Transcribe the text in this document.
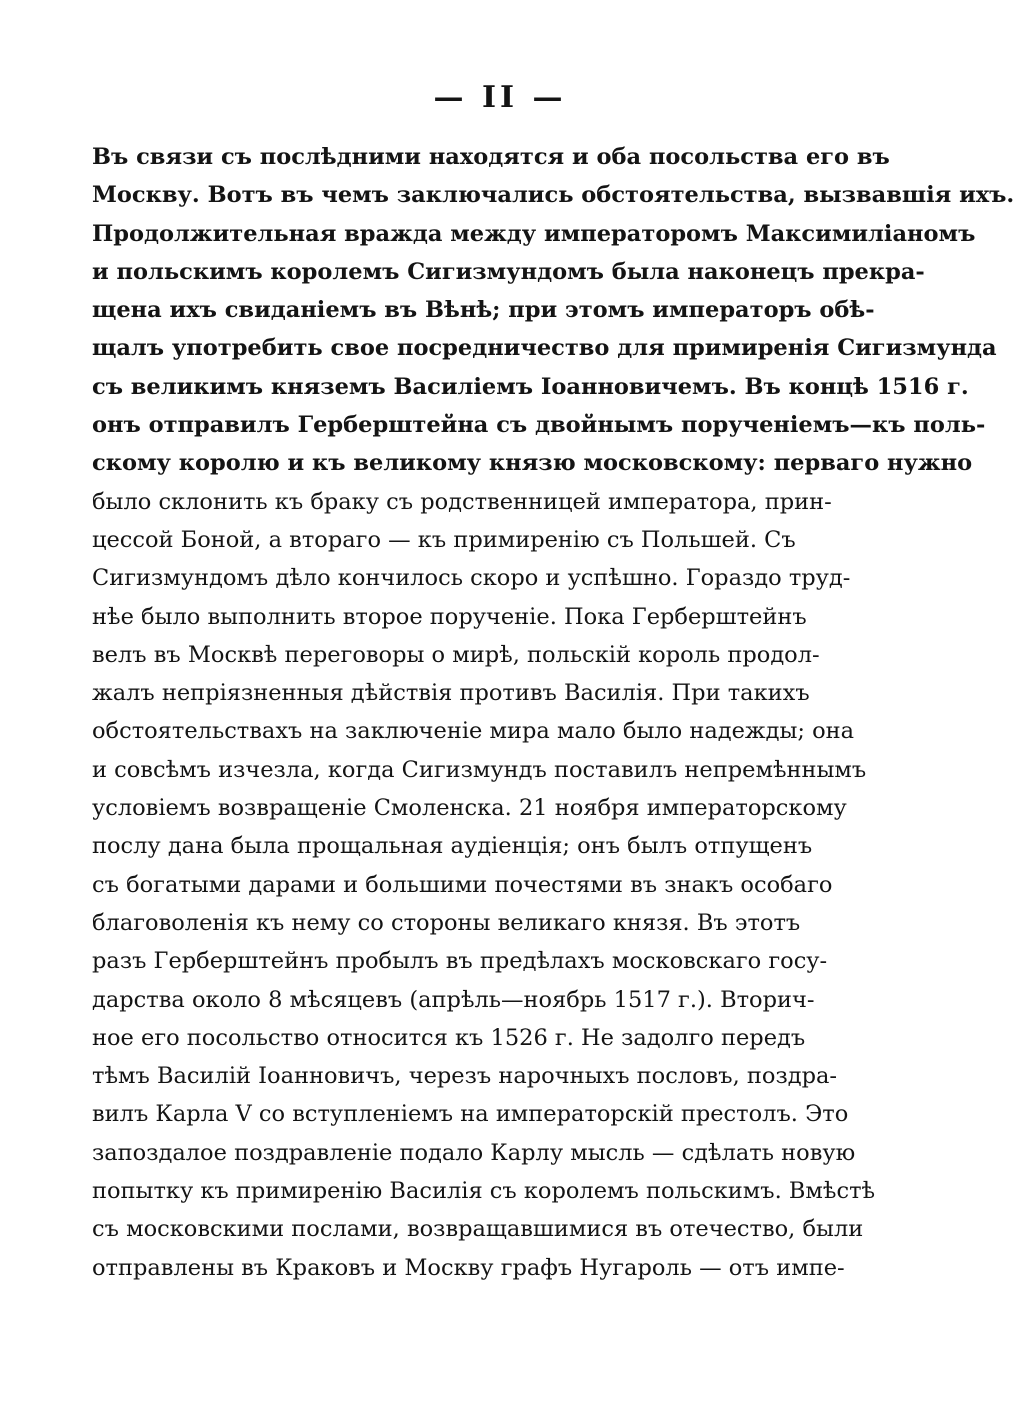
— II —
Въ связи съ послѣдними находятся и оба посольства его въ
Москву. Вотъ въ чемъ заключались обстоятельства, вызвавшія ихъ.
Продолжительная вражда между императоромъ Максимиліаномъ
и польскимъ королемъ Сигизмундомъ была наконецъ прекра-
щена ихъ свиданіемъ въ Вѣнѣ; при этомъ императоръ обѣ-
щалъ употребить свое посредничество для примиренія Сигизмунда
съ великимъ княземъ Василіемъ Іоанновичемъ. Въ концѣ 1516 г.
онъ отправилъ Герберштейна съ двойнымъ порученіемъ—къ поль-
скому королю и къ великому князю московскому: перваго нужно
было склонить къ браку съ родственницей императора, прин-
цессой Боной, а втораго — къ примиренію съ Польшей. Съ
Сигизмундомъ дѣло кончилось скоро и успѣшно. Гораздо труд-
нѣе было выполнить второе порученіе. Пока Герберштейнъ
велъ въ Москвѣ переговоры о мирѣ, польскій король продол-
жалъ непріязненныя дѣйствія противъ Василія. При такихъ
обстоятельствахъ на заключеніе мира мало было надежды; она
и совсѣмъ изчезла, когда Сигизмундъ поставилъ непремѣннымъ
условіемъ возвращеніе Смоленска. 21 ноября императорскому
послу дана была прощальная аудіенція; онъ былъ отпущенъ
съ богатыми дарами и большими почестями въ знакъ особаго
благоволенія къ нему со стороны великаго князя. Въ этотъ
разъ Герберштейнъ пробылъ въ предѣлахъ московскаго госу-
дарства около 8 мѣсяцевъ (апрѣль—ноябрь 1517 г.). Вторич-
ное его посольство относится къ 1526 г. Не задолго передъ
тѣмъ Василій Іоанновичъ, черезъ нарочныхъ пословъ, поздра-
вилъ Карла V со вступленіемъ на императорскій престолъ. Это
запоздалое поздравленіе подало Карлу мысль — сдѣлать новую
попытку къ примиренію Василія съ королемъ польскимъ. Вмѣстѣ
съ московскими послами, возвращавшимися въ отечество, были
отправлены въ Краковъ и Москву графъ Нугароль — отъ импе-
